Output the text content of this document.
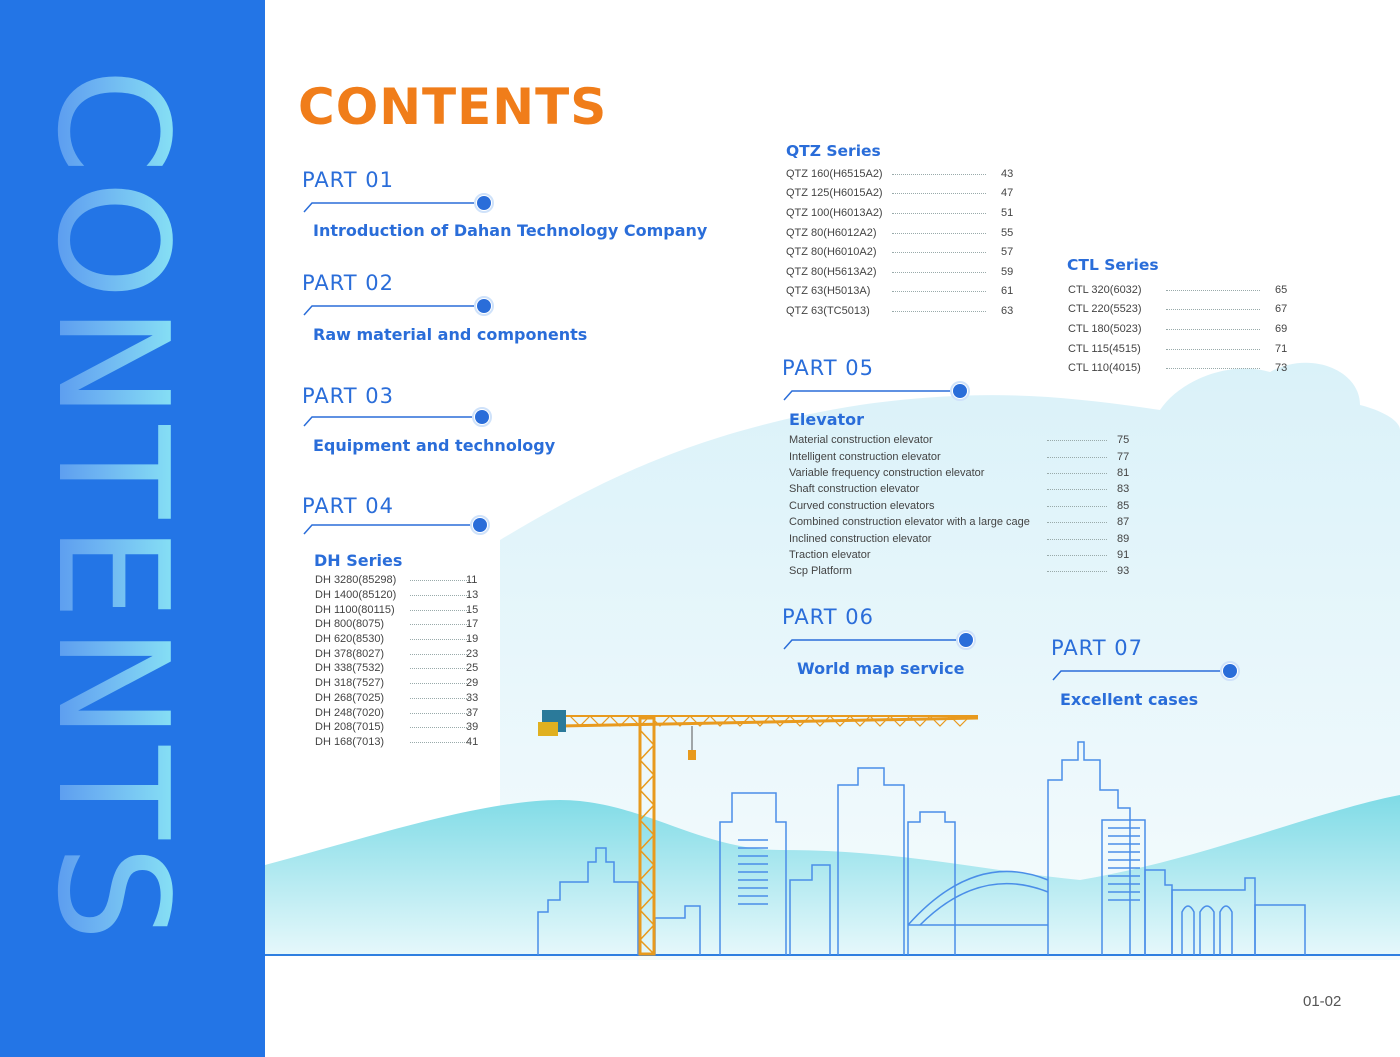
CONTENTS CONTENTS
PART 01
Introduction of Dahan Technology Company
PART 02
Raw material and components
PART 03
Equipment and technology
PART 04
DH Series
DH 3280(85298)	11
DH 1400(85120)	13
DH 1100(80115)	15
DH 800(8075)	17
DH 620(8530)	19
DH 378(8027)	23
DH 338(7532)	25
DH 318(7527)	29
DH 268(7025)	33
DH 248(7020)	37
DH 208(7015)	39
DH 168(7013)	41
QTZ Series
QTZ 160(H6515A2)	43
QTZ 125(H6015A2)	47
QTZ 100(H6013A2)	51
QTZ 80(H6012A2)	55
QTZ 80(H6010A2)	57
QTZ 80(H5613A2)	59
QTZ 63(H5013A)	61
QTZ 63(TC5013)	63
CTL Series
CTL 320(6032)	65
CTL 220(5523)	67
CTL 180(5023)	69
CTL 115(4515)	71
CTL 110(4015)	73
PART 05
Elevator
Material construction elevator	75
Intelligent construction elevator	77
Variable frequency construction elevator	81
Shaft construction elevator	83
Curved construction elevators	85
Combined construction elevator with a large cage	87
Inclined construction elevator	89
Traction elevator	91
Scp Platform	93
PART 06
World map service
PART 07
Excellent cases
01-02
